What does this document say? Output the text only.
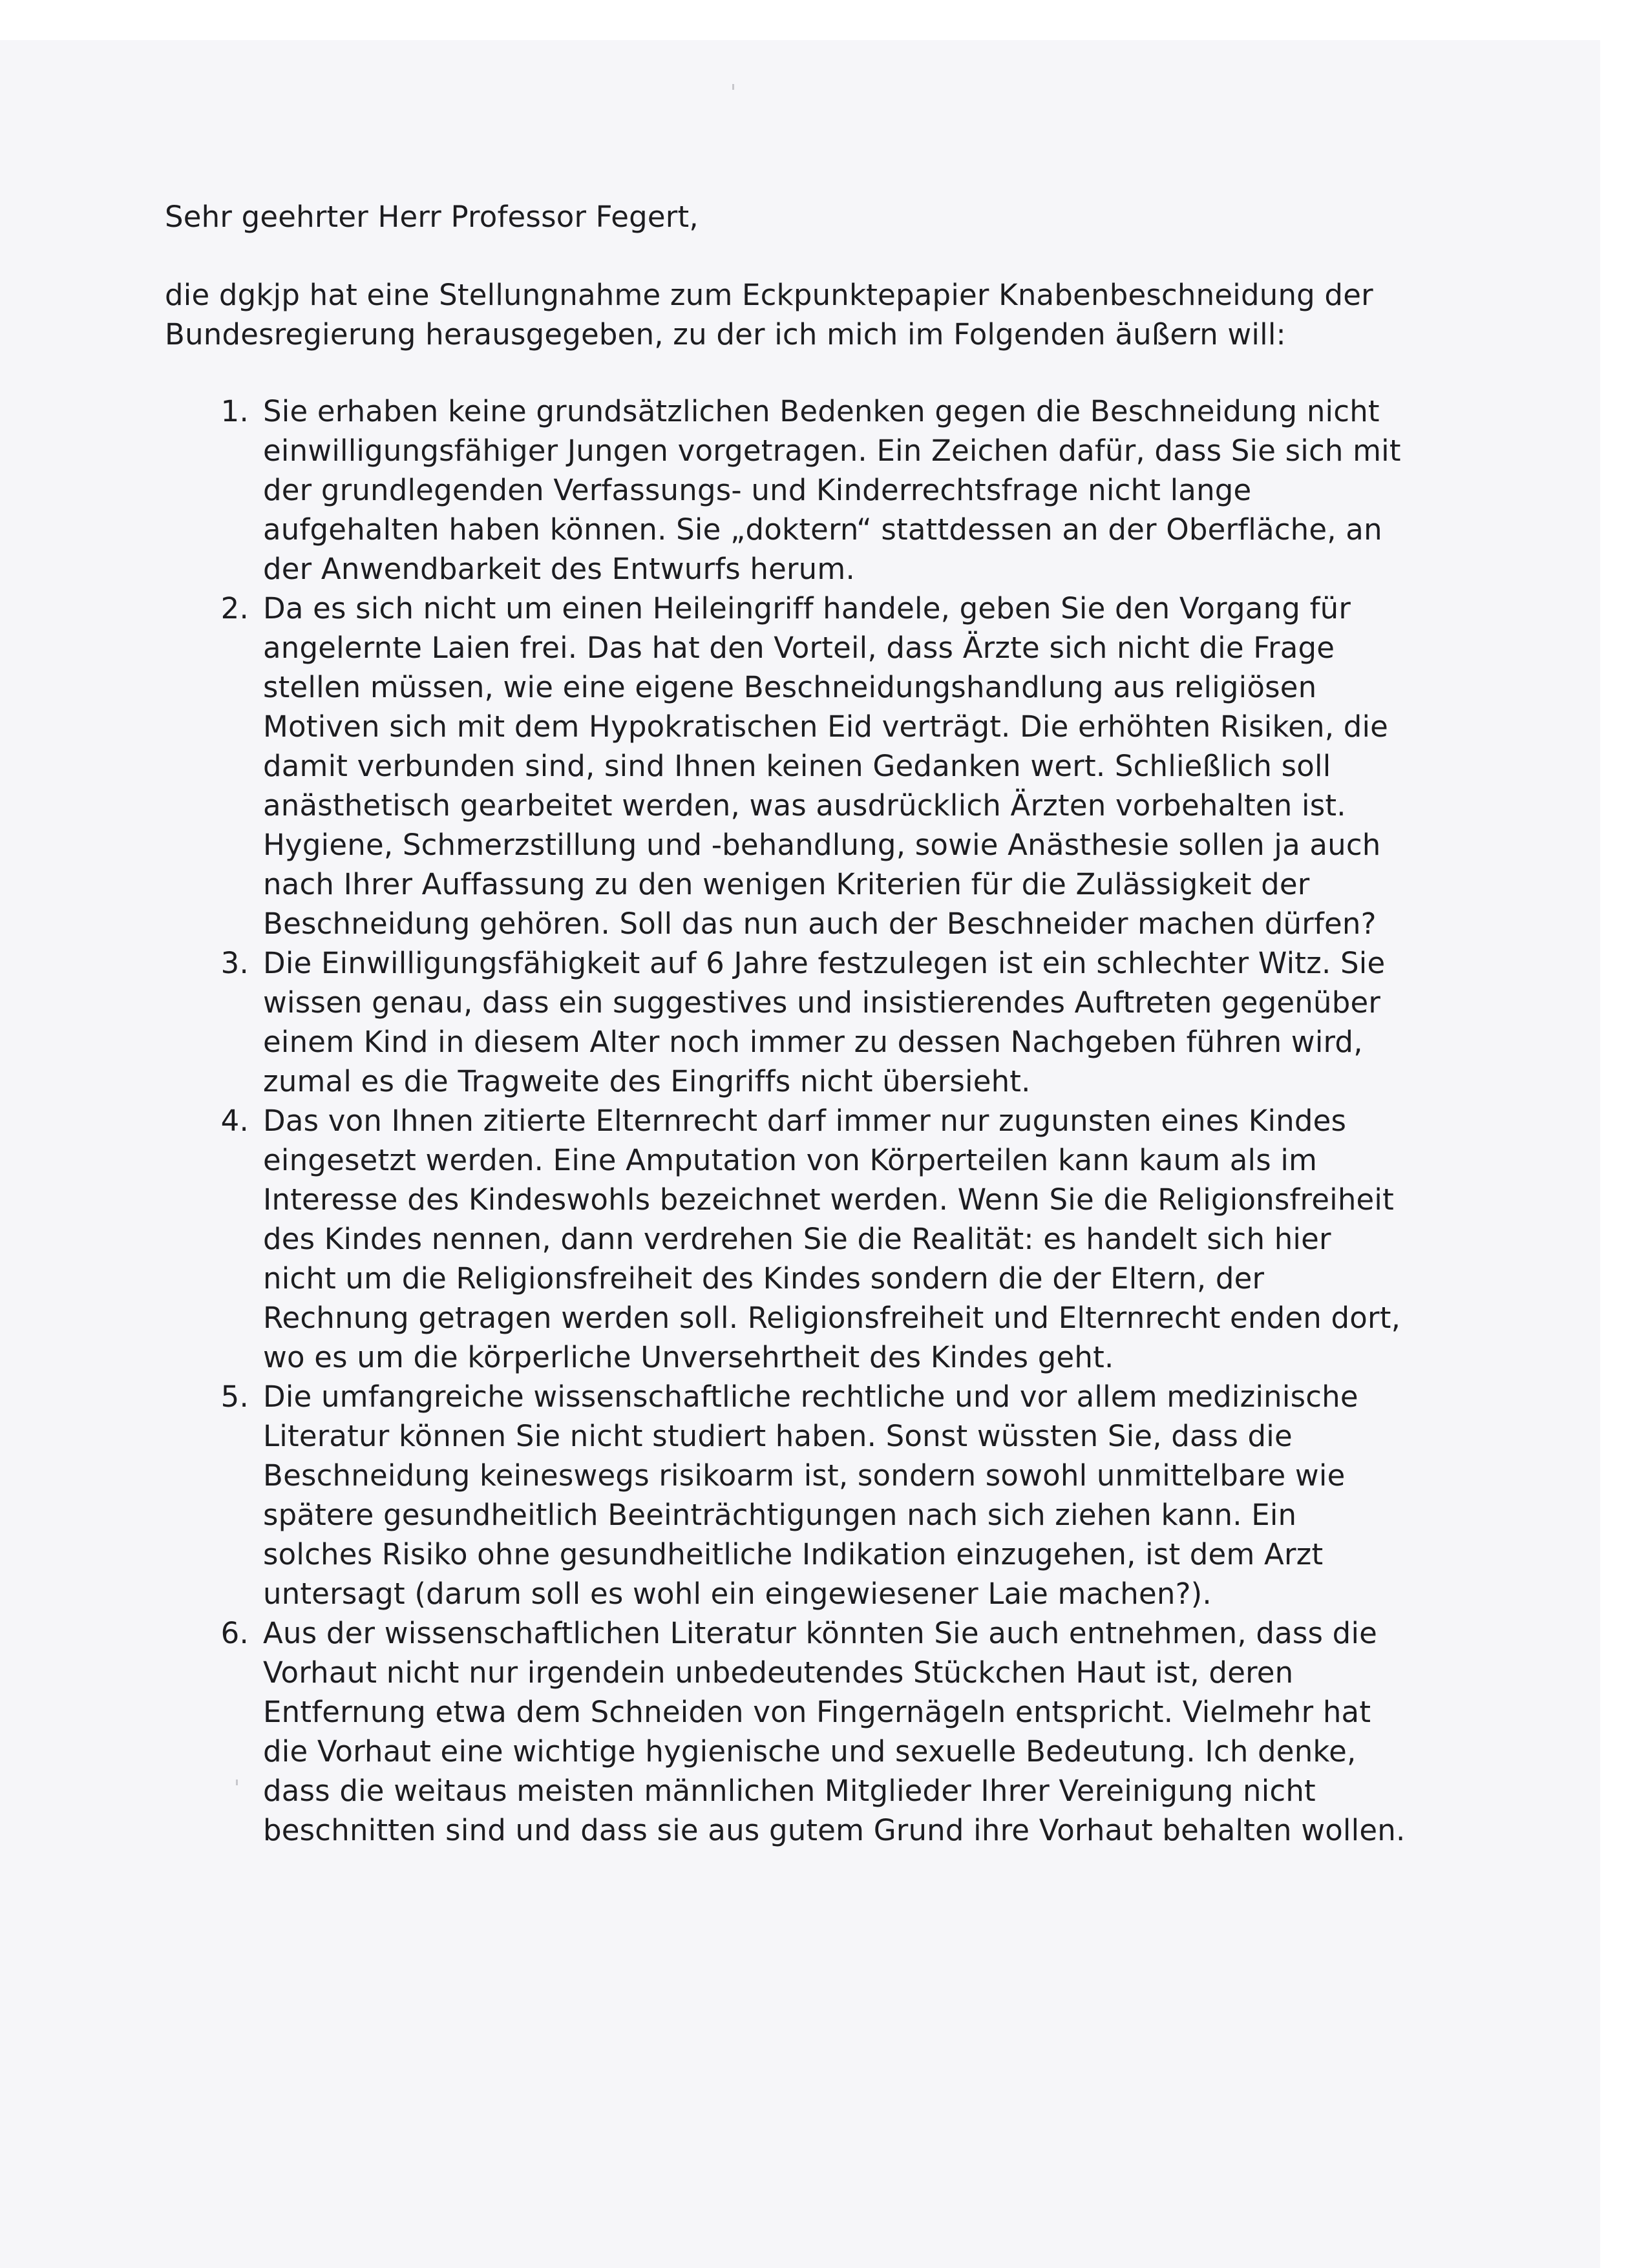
Sehr geehrter Herr Professor Fegert,

die dgkjp hat eine Stellungnahme zum Eckpunktepapier Knabenbeschneidung der Bundesregierung herausgegeben, zu der ich mich im Folgenden äußern will:

1. Sie erhaben keine grundsätzlichen Bedenken gegen die Beschneidung nicht einwilligungsfähiger Jungen vorgetragen. Ein Zeichen dafür, dass Sie sich mit der grundlegenden Verfassungs- und Kinderrechtsfrage nicht lange aufgehalten haben können. Sie „doktern“ stattdessen an der Oberfläche, an der Anwendbarkeit des Entwurfs herum.
2. Da es sich nicht um einen Heileingriff handele, geben Sie den Vorgang für angelernte Laien frei. Das hat den Vorteil, dass Ärzte sich nicht die Frage stellen müssen, wie eine eigene Beschneidungshandlung aus religiösen Motiven sich mit dem Hypokratischen Eid verträgt. Die erhöhten Risiken, die damit verbunden sind, sind Ihnen keinen Gedanken wert. Schließlich soll anästhetisch gearbeitet werden, was ausdrücklich Ärzten vorbehalten ist. Hygiene, Schmerzstillung und -behandlung, sowie Anästhesie sollen ja auch nach Ihrer Auffassung zu den wenigen Kriterien für die Zulässigkeit der Beschneidung gehören. Soll das nun auch der Beschneider machen dürfen?
3. Die Einwilligungsfähigkeit auf 6 Jahre festzulegen ist ein schlechter Witz. Sie wissen genau, dass ein suggestives und insistierendes Auftreten gegenüber einem Kind in diesem Alter noch immer zu dessen Nachgeben führen wird, zumal es die Tragweite des Eingriffs nicht übersieht.
4. Das von Ihnen zitierte Elternrecht darf immer nur zugunsten eines Kindes eingesetzt werden. Eine Amputation von Körperteilen kann kaum als im Interesse des Kindeswohls bezeichnet werden. Wenn Sie die Religionsfreiheit des Kindes nennen, dann verdrehen Sie die Realität: es handelt sich hier nicht um die Religionsfreiheit des Kindes sondern die der Eltern, der Rechnung getragen werden soll. Religionsfreiheit und Elternrecht enden dort, wo es um die körperliche Unversehrtheit des Kindes geht.
5. Die umfangreiche wissenschaftliche rechtliche und vor allem medizinische Literatur können Sie nicht studiert haben. Sonst wüssten Sie, dass die Beschneidung keineswegs risikoarm ist, sondern sowohl unmittelbare wie spätere gesundheitlich Beeinträchtigungen nach sich ziehen kann. Ein solches Risiko ohne gesundheitliche Indikation einzugehen, ist dem Arzt untersagt (darum soll es wohl ein eingewiesener Laie machen?).
6. Aus der wissenschaftlichen Literatur könnten Sie auch entnehmen, dass die Vorhaut nicht nur irgendein unbedeutendes Stückchen Haut ist, deren Entfernung etwa dem Schneiden von Fingernägeln entspricht. Vielmehr hat die Vorhaut eine wichtige hygienische und sexuelle Bedeutung. Ich denke, dass die weitaus meisten männlichen Mitglieder Ihrer Vereinigung nicht beschnitten sind und dass sie aus gutem Grund ihre Vorhaut behalten wollen.
